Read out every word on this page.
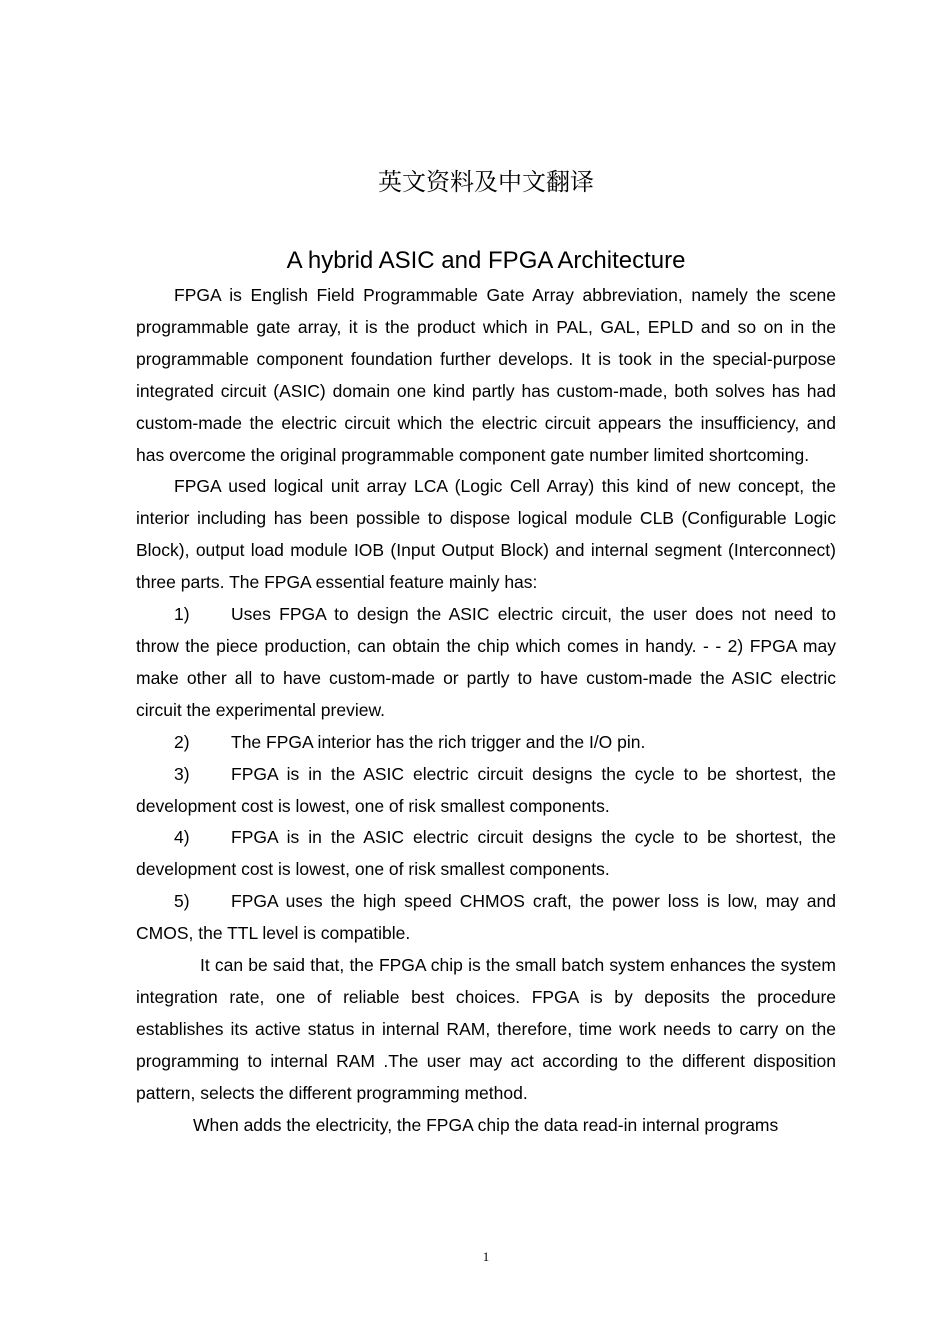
英文资料及中文翻译
A hybrid ASIC and FPGA Architecture

FPGA is English Field Programmable Gate Array abbreviation, namely the scene programmable gate array, it is the product which in PAL, GAL, EPLD and so on in the programmable component foundation further develops. It is took in the special-purpose integrated circuit (ASIC) domain one kind partly has custom-made, both solves has had custom-made the electric circuit which the electric circuit appears the insufficiency, and has overcome the original programmable component gate number limited shortcoming.

FPGA used logical unit array LCA (Logic Cell Array) this kind of new concept, the interior including has been possible to dispose logical module CLB (Configurable Logic Block), output load module IOB (Input Output Block) and internal segment (Interconnect) three parts. The FPGA essential feature mainly has:

1) Uses FPGA to design the ASIC electric circuit, the user does not need to throw the piece production, can obtain the chip which comes in handy. - - 2) FPGA may make other all to have custom-made or partly to have custom-made the ASIC electric circuit the experimental preview.

2) The FPGA interior has the rich trigger and the I/O pin.

3) FPGA is in the ASIC electric circuit designs the cycle to be shortest, the development cost is lowest, one of risk smallest components.

4) FPGA is in the ASIC electric circuit designs the cycle to be shortest, the development cost is lowest, one of risk smallest components.

5) FPGA uses the high speed CHMOS craft, the power loss is low, may and CMOS, the TTL level is compatible.

It can be said that, the FPGA chip is the small batch system enhances the system integration rate, one of reliable best choices. FPGA is by deposits the procedure establishes its active status in internal RAM, therefore, time work needs to carry on the programming to internal RAM .The user may act according to the different disposition pattern, selects the different programming method.

When adds the electricity, the FPGA chip the data read-in internal programs

1
